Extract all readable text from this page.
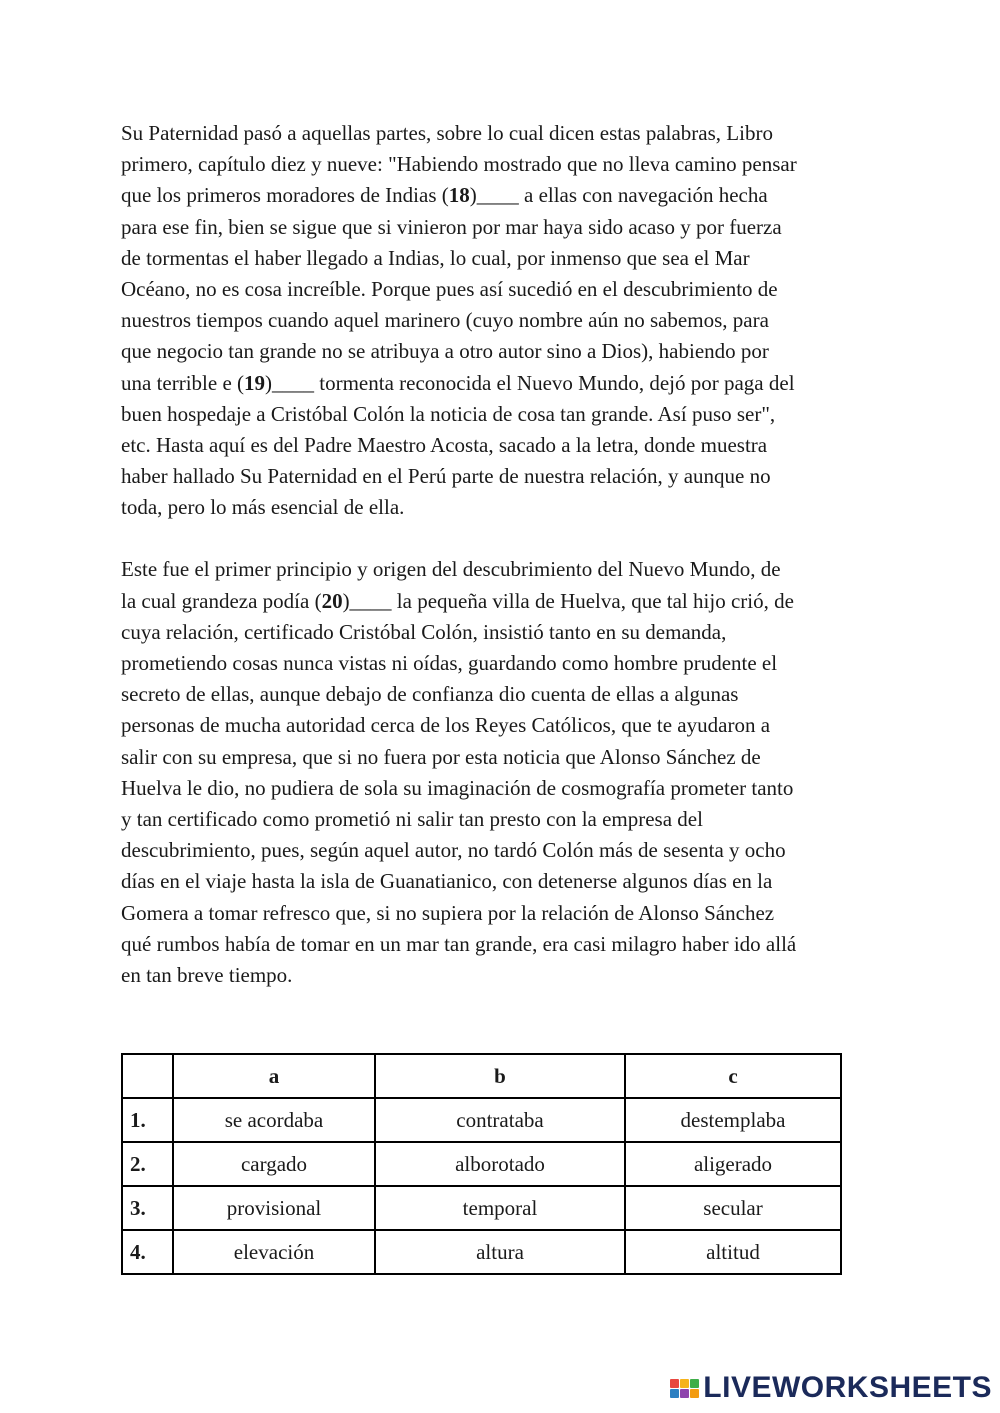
Su Paternidad pasó a aquellas partes, sobre lo cual dicen estas palabras, Libro
primero, capítulo diez y nueve: "Habiendo mostrado que no lleva camino pensar
que los primeros moradores de Indias (18)____ a ellas con navegación hecha
para ese fin, bien se sigue que si vinieron por mar haya sido acaso y por fuerza
de tormentas el haber llegado a Indias, lo cual, por inmenso que sea el Mar
Océano, no es cosa increíble. Porque pues así sucedió en el descubrimiento de
nuestros tiempos cuando aquel marinero (cuyo nombre aún no sabemos, para
que negocio tan grande no se atribuya a otro autor sino a Dios), habiendo por
una terrible e (19)____ tormenta reconocida el Nuevo Mundo, dejó por paga del
buen hospedaje a Cristóbal Colón la noticia de cosa tan grande. Así puso ser",
etc. Hasta aquí es del Padre Maestro Acosta, sacado a la letra, donde muestra
haber hallado Su Paternidad en el Perú parte de nuestra relación, y aunque no
toda, pero lo más esencial de ella.
Este fue el primer principio y origen del descubrimiento del Nuevo Mundo, de
la cual grandeza podía (20)____ la pequeña villa de Huelva, que tal hijo crió, de
cuya relación, certificado Cristóbal Colón, insistió tanto en su demanda,
prometiendo cosas nunca vistas ni oídas, guardando como hombre prudente el
secreto de ellas, aunque debajo de confianza dio cuenta de ellas a algunas
personas de mucha autoridad cerca de los Reyes Católicos, que te ayudaron a
salir con su empresa, que si no fuera por esta noticia que Alonso Sánchez de
Huelva le dio, no pudiera de sola su imaginación de cosmografía prometer tanto
y tan certificado como prometió ni salir tan presto con la empresa del
descubrimiento, pues, según aquel autor, no tardó Colón más de sesenta y ocho
días en el viaje hasta la isla de Guanatianico, con detenerse algunos días en la
Gomera a tomar refresco que, si no supiera por la relación de Alonso Sánchez
qué rumbos había de tomar en un mar tan grande, era casi milagro haber ido allá
en tan breve tiempo.
	a	b	c
1.	se acordaba	contrataba	destemplaba
2.	cargado	alborotado	aligerado
3.	provisional	temporal	secular
4.	elevación	altura	altitud
LIVEWORKSHEETS
